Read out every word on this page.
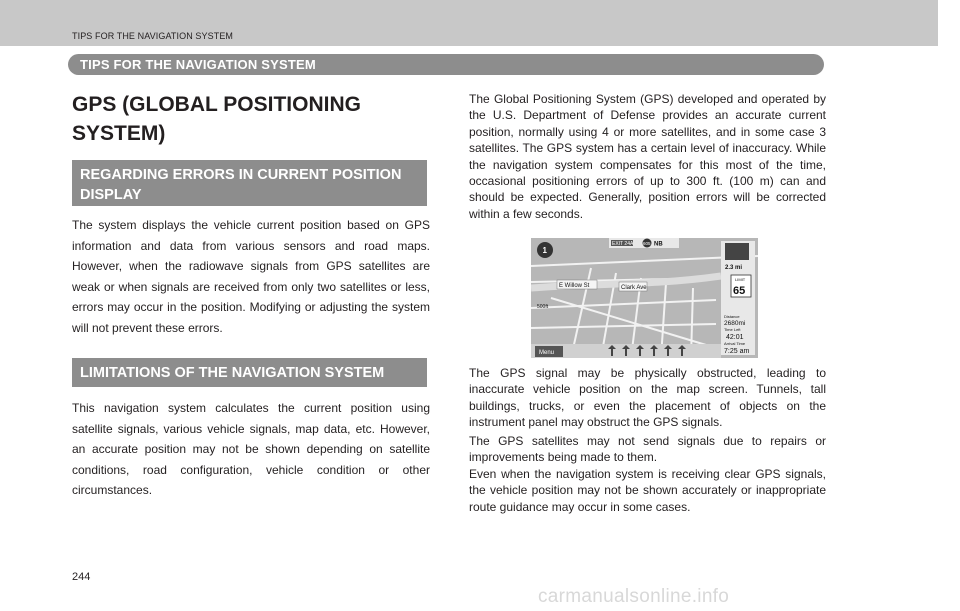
TIPS FOR THE NAVIGATION SYSTEM
TIPS FOR THE NAVIGATION SYSTEM
GPS (GLOBAL POSITIONING SYSTEM)
REGARDING ERRORS IN CURRENT POSITION DISPLAY
The system displays the vehicle current position based on GPS information and data from various sensors and road maps. However, when the radiowave signals from GPS satellites are weak or when signals are received from only two satellites or less, errors may occur in the position. Modifying or adjusting the system will not prevent these errors.
LIMITATIONS OF THE NAVIGATION SYSTEM
This navigation system calculates the current position using satellite signals, various vehicle signals, map data, etc. However, an accurate position may not be shown depending on satellite conditions, road configuration, vehicle condition or other circumstances.

The Global Positioning System (GPS) developed and operated by the U.S. Department of Defense provides an accurate current position, normally using 4 or more satellites, and in some case 3 satellites. The GPS system has a certain level of inaccuracy. While the navigation system compensates for this most of the time, occasional positioning errors of up to 300 ft. (100 m) can and should be expected. Generally, position errors will be corrected within a few seconds.

EXIT 24A 605 NB
1
E Willow St	Clark Ave
500ft
2.3 mi
LIMIT
65
Distance
2680mi
Time Left
42:01
Arrival Time
7:25 am
Menu

The GPS signal may be physically obstructed, leading to inaccurate vehicle position on the map screen. Tunnels, tall buildings, trucks, or even the placement of objects on the instrument panel may obstruct the GPS signals.

The GPS satellites may not send signals due to repairs or improvements being made to them.

Even when the navigation system is receiving clear GPS signals, the vehicle position may not be shown accurately or inappropriate route guidance may occur in some cases.

244
carmanualsonline.info
